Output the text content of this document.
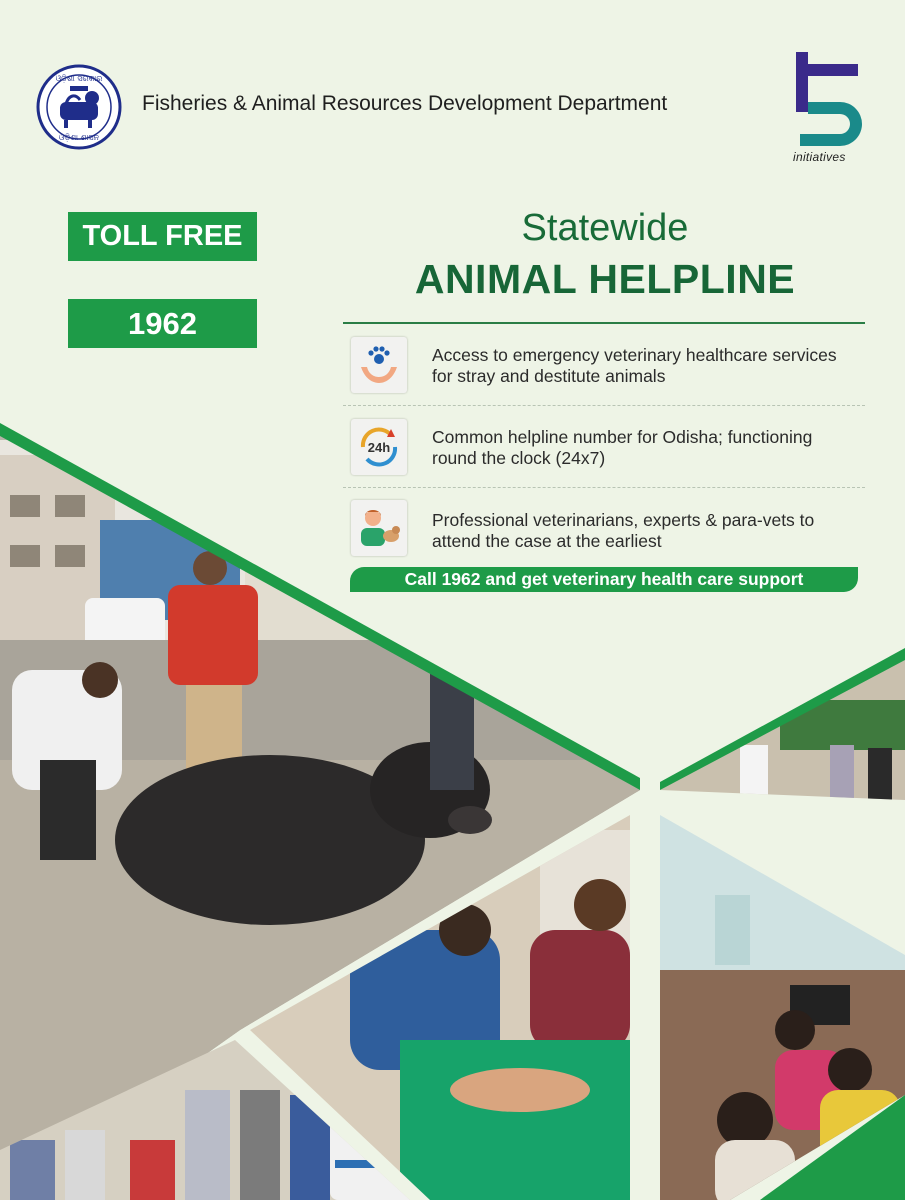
ଓଡ଼ିଶା ସରକାର
ଓଡ଼ିଶା ଶାସନ
Fisheries & Animal Resources Development Department
initiatives
TOLL FREE
1962
Statewide
ANIMAL HELPLINE
Access to emergency veterinary healthcare services for stray and destitute animals
24h
Common helpline number for Odisha; functioning round the clock (24x7)
Professional veterinarians, experts & para-vets to attend the case at the earliest
Call 1962 and get veterinary health care support
